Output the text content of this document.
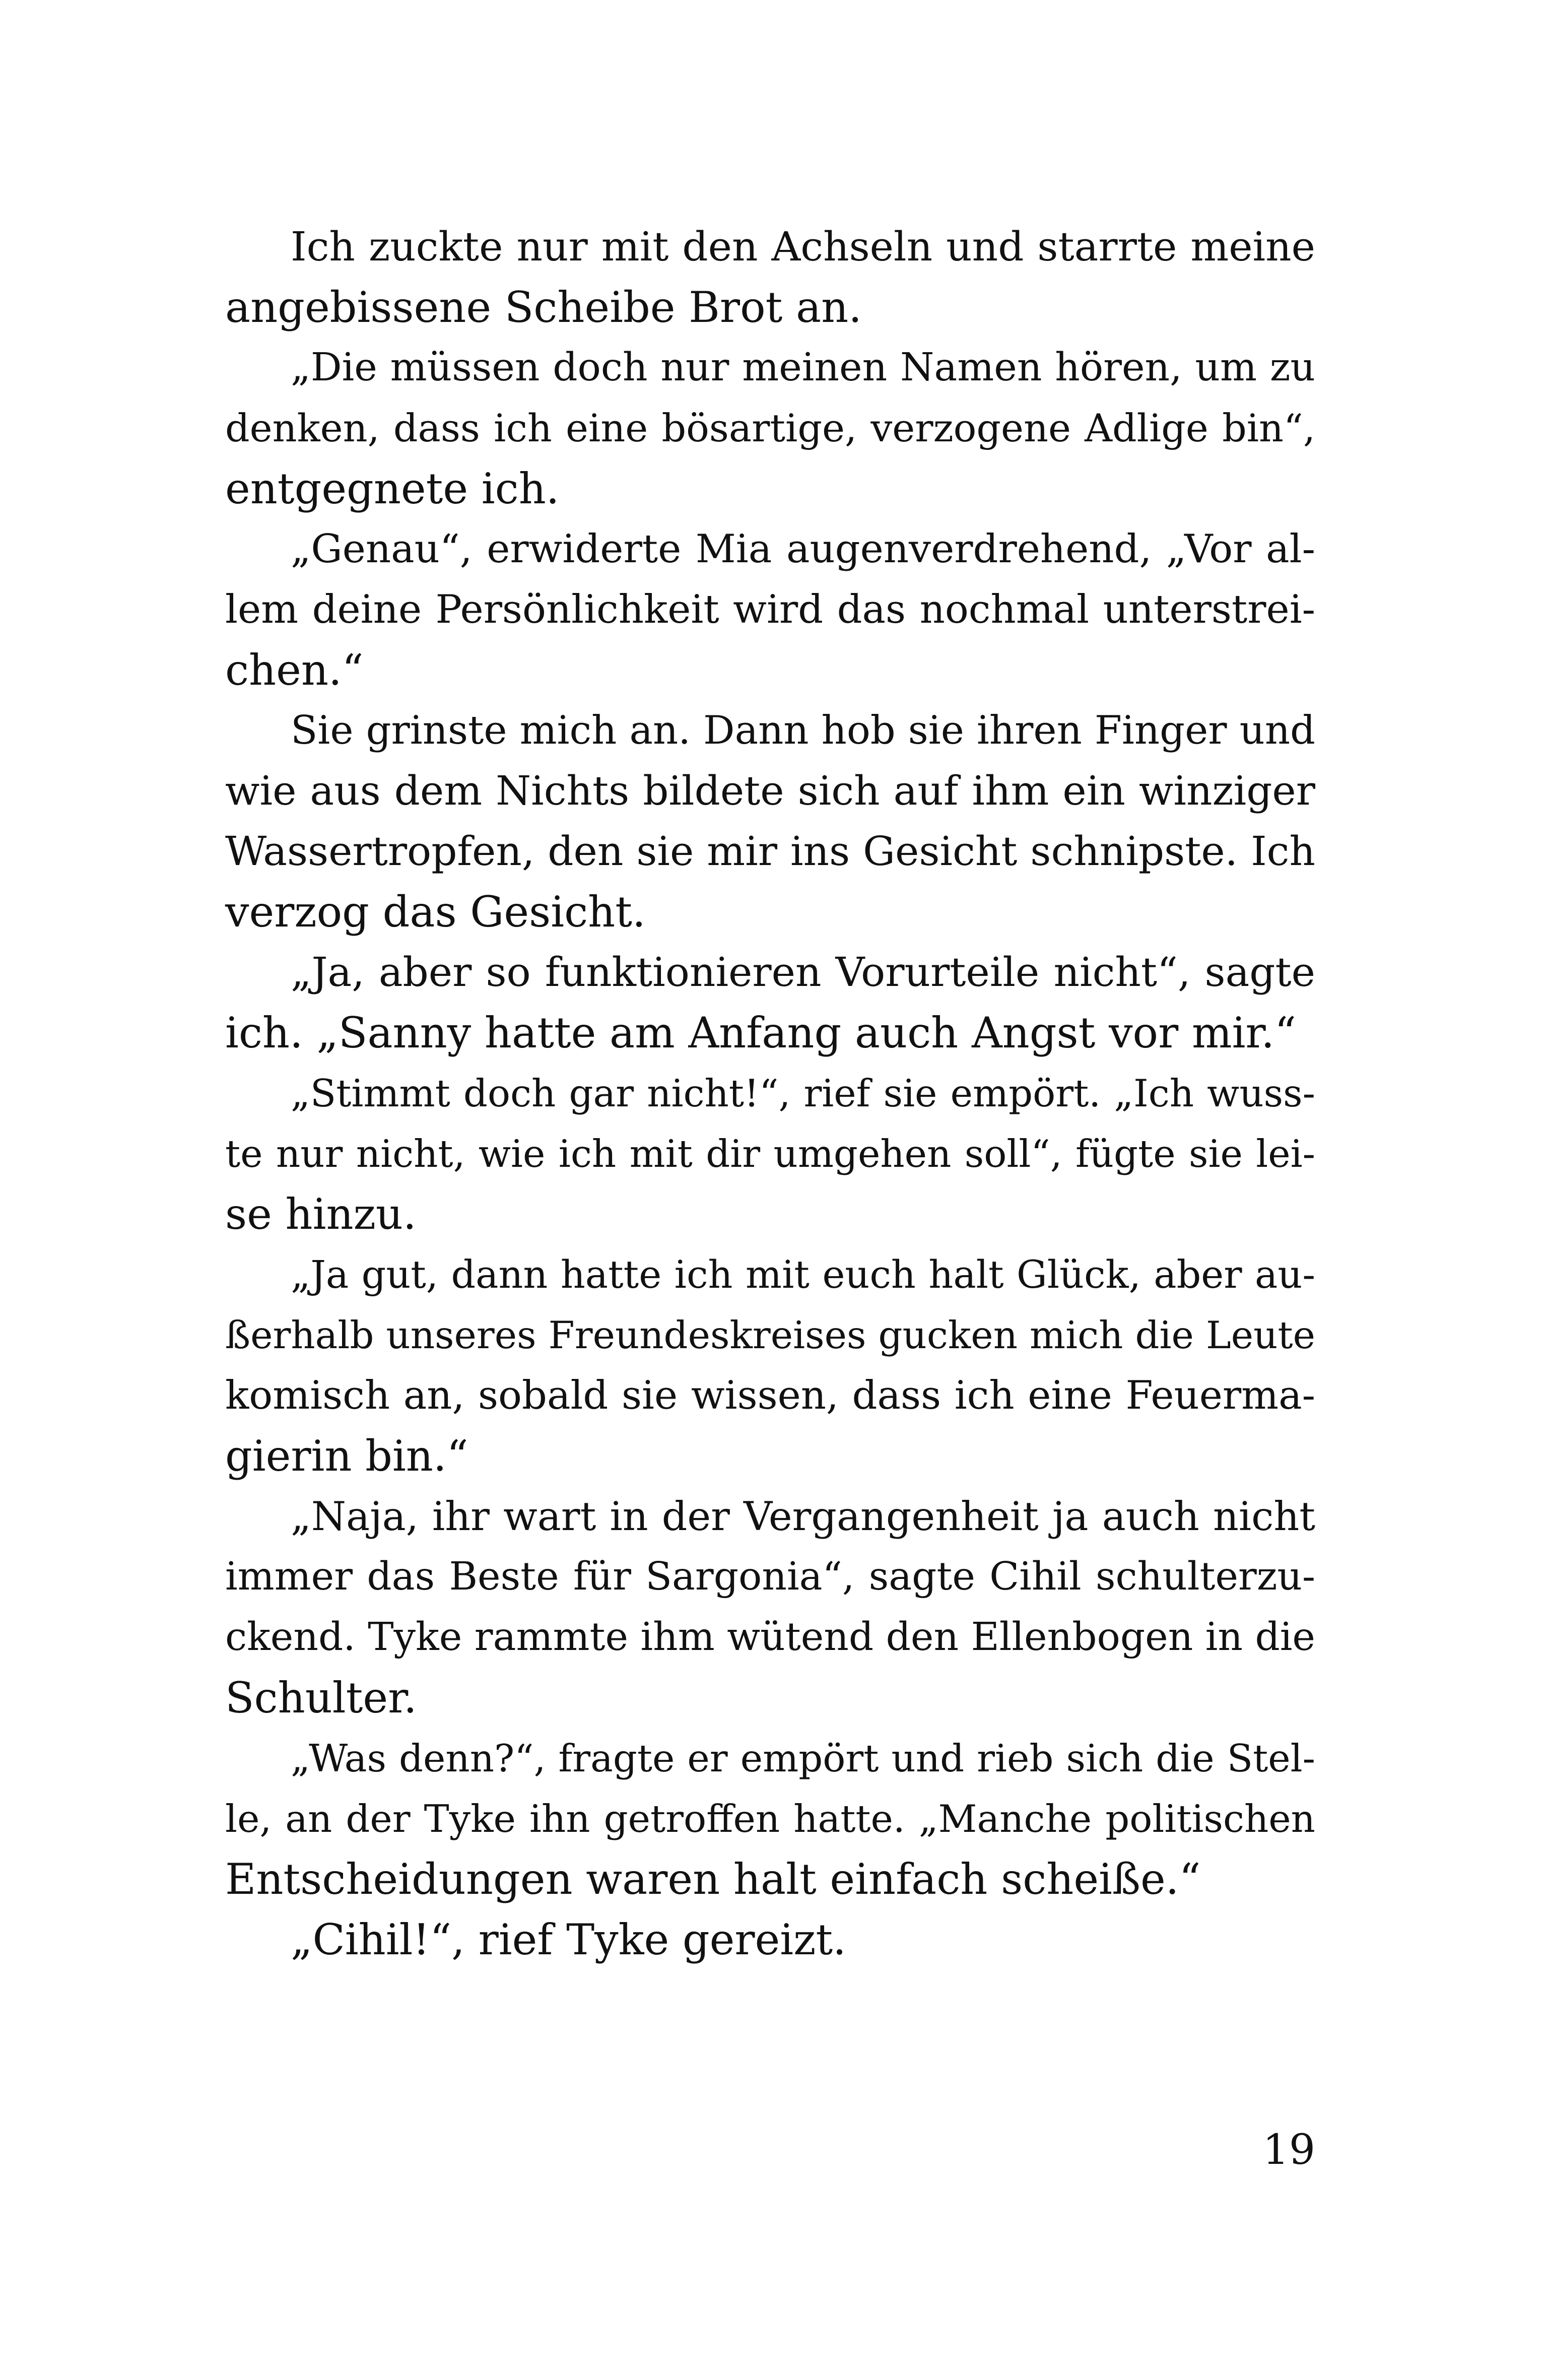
Ich zuckte nur mit den Achseln und starrte meine
angebissene Scheibe Brot an.
„Die müssen doch nur meinen Namen hören, um zu
denken, dass ich eine bösartige, verzogene Adlige bin“,
entgegnete ich.
„Genau“, erwiderte Mia augenverdrehend, „Vor al-
lem deine Persönlichkeit wird das nochmal unterstrei-
chen.“
Sie grinste mich an. Dann hob sie ihren Finger und
wie aus dem Nichts bildete sich auf ihm ein winziger
Wassertropfen, den sie mir ins Gesicht schnipste. Ich
verzog das Gesicht.
„Ja, aber so funktionieren Vorurteile nicht“, sagte
ich. „Sanny hatte am Anfang auch Angst vor mir.“
„Stimmt doch gar nicht!“, rief sie empört. „Ich wuss-
te nur nicht, wie ich mit dir umgehen soll“, fügte sie lei-
se hinzu.
„Ja gut, dann hatte ich mit euch halt Glück, aber au-
ßerhalb unseres Freundeskreises gucken mich die Leute
komisch an, sobald sie wissen, dass ich eine Feuerma-
gierin bin.“
„Naja, ihr wart in der Vergangenheit ja auch nicht
immer das Beste für Sargonia“, sagte Cihil schulterzu-
ckend. Tyke rammte ihm wütend den Ellenbogen in die
Schulter.
„Was denn?“, fragte er empört und rieb sich die Stel-
le, an der Tyke ihn getroffen hatte. „Manche politischen
Entscheidungen waren halt einfach scheiße.“
„Cihil!“, rief Tyke gereizt.
19
